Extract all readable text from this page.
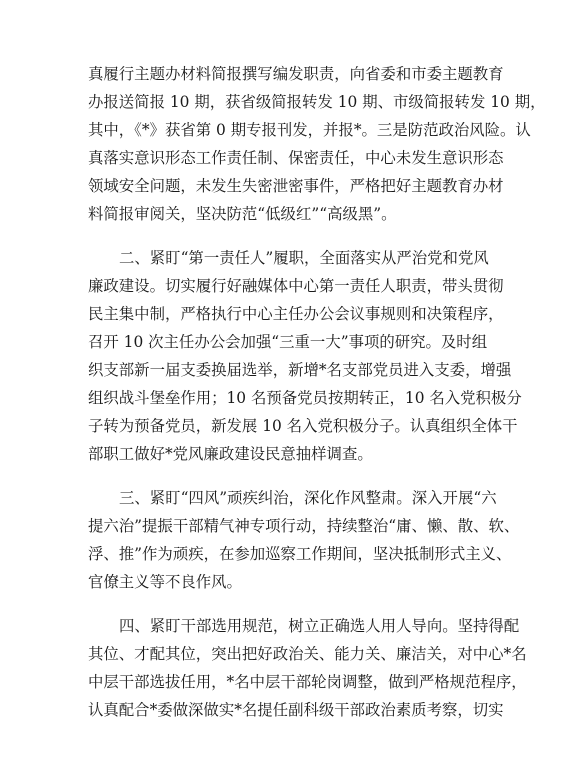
真履行主题办材料简报撰写编发职责，向省委和市委主题教育
办报送简报 10 期，获省级简报转发 10 期、市级简报转发 10 期，
其中，《*》获省第 0 期专报刊发，并报*。三是防范政治风险。认
真落实意识形态工作责任制、保密责任，中心未发生意识形态
领域安全问题，未发生失密泄密事件，严格把好主题教育办材
料简报审阅关，坚决防范“低级红”“高级黑”。
二、紧盯“第一责任人”履职，全面落实从严治党和党风
廉政建设。切实履行好融媒体中心第一责任人职责，带头贯彻
民主集中制，严格执行中心主任办公会议事规则和决策程序，
召开 10 次主任办公会加强“三重一大”事项的研究。及时组
织支部新一届支委换届选举，新增*名支部党员进入支委，增强
组织战斗堡垒作用；10 名预备党员按期转正，10 名入党积极分
子转为预备党员，新发展 10 名入党积极分子。认真组织全体干
部职工做好*党风廉政建设民意抽样调查。
三、紧盯“四风”顽疾纠治，深化作风整肃。深入开展“六
提六治”提振干部精气神专项行动，持续整治“庸、懒、散、软、
浮、推”作为顽疾，在参加巡察工作期间，坚决抵制形式主义、
官僚主义等不良作风。
四、紧盯干部选用规范，树立正确选人用人导向。坚持得配
其位、才配其位，突出把好政治关、能力关、廉洁关，对中心*名
中层干部选拔任用，*名中层干部轮岗调整，做到严格规范程序，
认真配合*委做深做实*名提任副科级干部政治素质考察，切实
